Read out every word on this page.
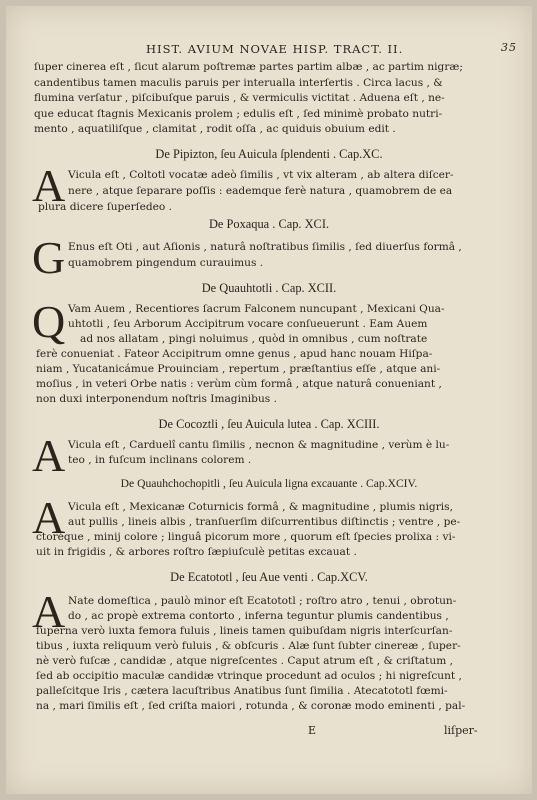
HIST. AVIUM NOVAE HISP. TRACT. II.	35
ſuper cinerea eſt , ſicut alarum poſtremæ partes partim albæ , ac partim nigræ;
candentibus tamen maculis paruis per interualla interſertis . Circa lacus , &
flumina verſatur , piſcibuſque paruis , & vermiculis victitat . Aduena eſt , ne-
que educat ſtagnis Mexicanis prolem ; edulis eſt , ſed minimè probato nutri-
mento , aquatiliſque , clamitat , rodit oſſa , ac quiduis obuium edit .
De Pipizton, ſeu Auicula ſplendenti . Cap.XC.
A Vicula eſt , Coltotl vocatæ adeò ſimilis , vt vix alteram , ab altera diſcer-
nere , atque ſeparare poſſis : eademque ferè natura , quamobrem de ea
plura dicere ſuperſedeo .
De Poxaqua . Cap. XCI.
G Enus eſt Oti , aut Aſionis , naturâ noſtratibus ſimilis , ſed diuerſus formâ ,
quamobrem pingendum curauimus .
De Quauhtotli . Cap. XCII.
Q Vam Auem , Recentiores ſacrum Falconem nuncupant , Mexicani Qua-
uhtotli , ſeu Arborum Accipitrum vocare conſueuerunt . Eam Auem
ad nos allatam , pingi noluimus , quòd in omnibus , cum noſtrate
ferè conueniat . Fateor Accipitrum omne genus , apud hanc nouam Hiſpa-
niam , Yucatanicámue Prouinciam , repertum , præſtantius eſſe , atque ani-
moſius , in veteri Orbe natis : verùm cùm formâ , atque naturâ conueniant ,
non duxi interponendum noſtris Imaginibus .
De Cocoztli , ſeu Auicula lutea . Cap. XCIII.
A Vicula eſt , Carduelî cantu ſimilis , necnon & magnitudine , verùm è lu-
teo , in fuſcum inclinans colorem .
De Quauhchochopitli , ſeu Auicula ligna excauante . Cap.XCIV.
A Vicula eſt , Mexicanæ Coturnicis formâ , & magnitudine , plumis nigris,
aut pullis , lineis albis , tranſuerſim diſcurrentibus diſtinctis ; ventre , pe-
ctoréque , minij colore ; linguâ picorum more , quorum eſt ſpecies prolixa : vi-
uit in frigidis , & arbores roſtro ſæpiuſculè petitas excauat .
De Ecatototl , ſeu Aue venti . Cap.XCV.
A Nate domeſtica , paulò minor eſt Ecatototl ; roſtro atro , tenui , obrotun-
do , ac propè extrema contorto , inferna teguntur plumis candentibus ,
ſuperna verò iuxta femora fuluis , lineis tamen quibuſdam nigris interſcurſan-
tibus , iuxta reliquum verò fuluis , & obſcuris . Alæ ſunt ſubter cinereæ , ſuper-
nè verò fuſcæ , candidæ , atque nigreſcentes . Caput atrum eſt , & criſtatum ,
ſed ab occipitio maculæ candidæ vtrinque procedunt ad oculos ; hi nigreſcunt ,
palleſcitque Iris , cætera lacuſtribus Anatibus ſunt ſimilia . Atecatototl fœmi-
na , mari ſimilis eſt , ſed criſta maiori , rotunda , & coronæ modo eminenti , pal-
E	liſper-
